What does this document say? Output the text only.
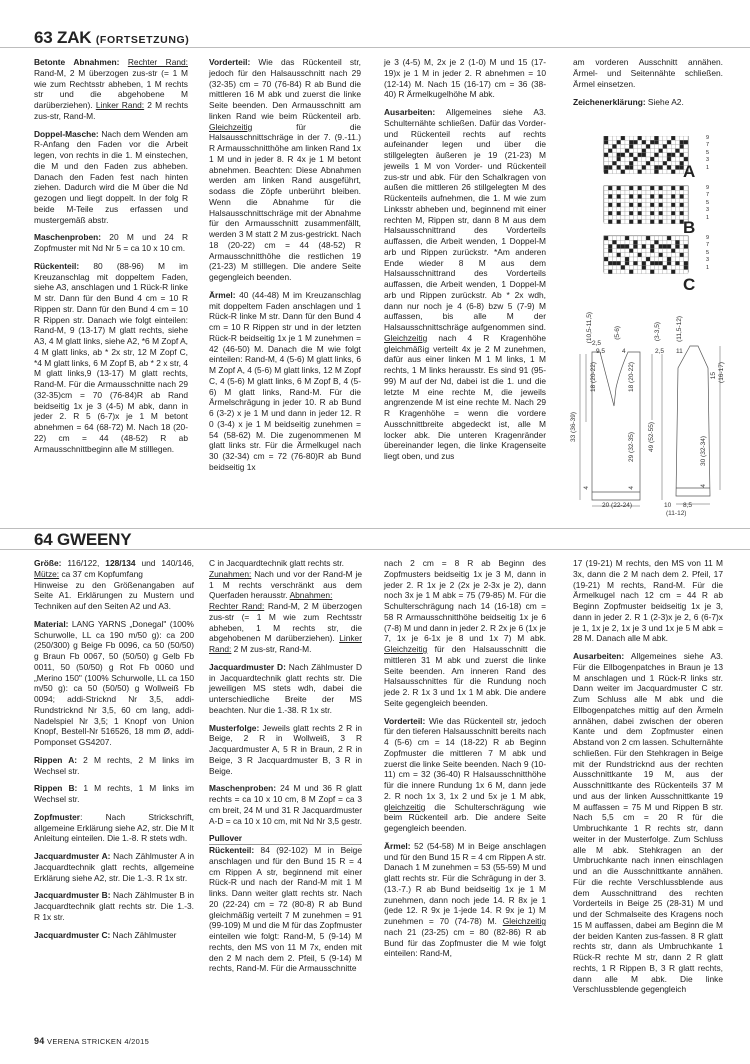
63 ZAK (FORTSETZUNG)

Betonte Abnahmen: Rechter Rand: Rand-M, 2 M überzogen zus-str (= 1 M wie zum Rechtsstr abheben, 1 M rechts str und die abgehobene M darüberziehen). Linker Rand: 2 M rechts zus-str, Rand-M.

Doppel-Masche: Nach dem Wenden am R-Anfang den Faden vor die Arbeit legen, von rechts in die 1. M einstechen, die M und den Faden zus abheben. Danach den Faden fest nach hinten ziehen. Dadurch wird die M über die Nd gezogen und liegt doppelt. In der folg R beide M-Teile zus erfassen und mustergemäß abstr.

Maschenproben: 20 M und 24 R Zopfmuster mit Nd Nr 5 = ca 10 x 10 cm.

Rückenteil: 80 (88-96) M im Kreuzanschlag mit doppeltem Faden, siehe A3, anschlagen und 1 Rück-R linke M str. Dann für den Bund 4 cm = 10 R Rippen str. Dann für den Bund 4 cm = 10 R Rippen str. Danach wie folgt einteilen: Rand-M, 9 (13-17) M glatt rechts, siehe A3, 4 M glatt links, siehe A2, *6 M Zopf A, 4 M glatt links, ab * 2x str, 12 M Zopf C, *4 M glatt links, 6 M Zopf B, ab * 2 x str, 4 M glatt links,9 (13-17) M glatt rechts, Rand-M. Für die Armausschnitte nach 29 (32-35)cm = 70 (76-84)R ab Rand beidseitig 1x je 3 (4-5) M abk, dann in jeder 2. R 5 (6-7)x je 1 M betont abnehmen = 64 (68-72) M. Nach 18 (20-22) cm = 44 (48-52) R ab Armausschnittbeginn alle M stilllegen.

Vorderteil: Wie das Rückenteil str, jedoch für den Halsausschnitt nach 29 (32-35) cm = 70 (76-84) R ab Bund die mittleren 16 M abk und zuerst die linke Seite beenden. Den Armausschnitt am linken Rand wie beim Rückenteil arb. Gleichzeitig für die Halsausschnittschräge in der 7. (9.-11.) R Armausschnitthöhe am linken Rand 1x 1 M und in jeder 8. R 4x je 1 M betont abnehmen. Beachten: Diese Abnahmen werden am linken Rand ausgeführt, sodass die Zöpfe unberührt bleiben. Wenn die Abnahme für die Halsausschnittschräge mit der Abnahme für den Armausschnitt zusammenfällt, werden 3 M statt 2 M zus-gestrickt. Nach 18 (20-22) cm = 44 (48-52) R Armausschnitthöhe die restlichen 19 (21-23) M stilllegen. Die andere Seite gegengleich beenden.

Ärmel: 40 (44-48) M im Kreuzanschlag mit doppeltem Faden anschlagen und 1 Rück-R linke M str. Dann für den Bund 4 cm = 10 R Rippen str und in der letzten Rück-R beidseitig 1x je 1 M zunehmen = 42 (46-50) M. Danach die M wie folgt einteilen: Rand-M, 4 (5-6) M glatt links, 6 M Zopf A, 4 (5-6) M glatt links, 12 M Zopf C, 4 (5-6) M glatt links, 6 M Zopf B, 4 (5-6) M glatt links, Rand-M. Für die Ärmelschrägung in jeder 10. R ab Bund 6 (3-2) x je 1 M und dann in jeder 12. R 0 (3-4) x je 1 M beidseitig zunehmen = 54 (58-62) M. Die zugenommenen M glatt links str. Für die Ärmelkugel nach 30 (32-34) cm = 72 (76-80)R ab Bund beidseitig 1x

je 3 (4-5) M, 2x je 2 (1-0) M und 15 (17-19)x je 1 M in jeder 2. R abnehmen = 10 (12-14) M. Nach 15 (16-17) cm = 36 (38-40) R Ärmelkugelhöhe M abk.

Ausarbeiten: Allgemeines siehe A3. Schulternähte schließen. Dafür das Vorder- und Rückenteil rechts auf rechts aufeinander legen und über die stillgelegten äußeren je 19 (21-23) M jeweils 1 M von Vorder- und Rückenteil zus-str und abk. Für den Schalkragen von außen die mittleren 26 stillgelegten M des Rückenteils aufnehmen, die 1. M wie zum Linksstr abheben und, beginnend mit einer rechten M, Rippen str, dann 8 M aus dem Halsausschnittrand des Vorderteils auffassen, die Arbeit wenden, 1 Doppel-M arb und Rippen zurückstr. *Am anderen Ende wieder 8 M aus dem Halsausschnittrand des Vorderteils auffassen, die Arbeit wenden, 1 Doppel-M arb und Rippen zurückstr. Ab * 2x wdh, dann nur noch je 4 (6-8) bzw 5 (7-9) M auffassen, bis alle M der Halsausschnittschräge aufgenommen sind. Gleichzeitig nach 4 R Kragenhöhe gleichmäßig verteilt 4x je 2 M zunehmen, dafür aus einer linken M 1 M links, 1 M rechts, 1 M links herausstr. Es sind 91 (95-99) M auf der Nd, dabei ist die 1. und die letzte M eine rechte M, die jeweils angrenzende M ist eine rechte M. Nach 29 R Kragenhöhe = wenn die vordere Ausschnittbreite abgedeckt ist, alle M locker abk. Die unteren Kragenränder übereinander legen, die linke Kragenseite liegt oben, und zus

am vorderen Ausschnitt annähen. Ärmel- und Seitennähte schließen. Ärmel einsetzen.

Zeichenerklärung: Siehe A2.

9
7
5
3
1
9
7
5
3
1
9
7
5
3
1
A
B
C
(10,5-11,5)
2,5
(5-6)
9,5	4
(3-3,5)
2,5 11
(11,5-12)
18 (20-22)	18 (20-22)	15 (16-17)
33 (36-39)
29 (32-35) 49 (52-55)	30 (32-34)
4	4
4
20 (22-24)	10 8,5
(11-12)
64 GWEENY

Größe: 116/122, 128/134 und 140/146, Mütze: ca 37 cm Kopfumfang
Hinweise zu den Größenangaben auf Seite A1. Erklärungen zu Mustern und Techniken auf den Seiten A2 und A3.

Material: LANG YARNS „Donegal" (100% Schurwolle, LL ca 190 m/50 g): ca 200 (250/300) g Beige Fb 0096, ca 50 (50/50) g Braun Fb 0067, 50 (50/50) g Gelb Fb 0011, 50 (50/50) g Rot Fb 0060 und „Merino 150" (100% Schurwolle, LL ca 150 m/50 g): ca 50 (50/50) g Wollweiß Fb 0094; addi-Stricknd Nr 3,5, addi-Rundstricknd Nr 3,5, 60 cm lang, addi-Nadelspiel Nr 3,5; 1 Knopf von Union Knopf, Bestell-Nr 516526, 18 mm Ø, addi-Pomponset GS4207.

Rippen A: 2 M rechts, 2 M links im Wechsel str.

Rippen B: 1 M rechts, 1 M links im Wechsel str.

Zopfmuster: Nach Strickschrift, allgemeine Erklärung siehe A2, str. Die M lt Anleitung einteilen. Die 1.-8. R stets wdh.

Jacquardmuster A: Nach Zählmuster A in Jacquardtechnik glatt rechts, allgemeine Erklärung siehe A2, str. Die 1.-3. R 1x str.

Jacquardmuster B: Nach Zählmuster B in Jacquardtechnik glatt rechts str. Die 1.-3. R 1x str.

Jacquardmuster C: Nach Zählmuster

C in Jacquardtechnik glatt rechts str.
Zunahmen: Nach und vor der Rand-M je 1 M rechts verschränkt aus dem Querfaden herausstr. Abnahmen:
Rechter Rand: Rand-M, 2 M überzogen zus-str (= 1 M wie zum Rechtsstr abheben, 1 M rechts str, die abgehobenen M darüberziehen). Linker Rand: 2 M zus-str, Rand-M.

Jacquardmuster D: Nach Zählmuster D in Jacquardtechnik glatt rechts str. Die jeweiligen MS stets wdh, dabei die unterschiedliche Breite der MS beachten. Nur die 1.-38. R 1x str.

Musterfolge: Jeweils glatt rechts 2 R in Beige, 2 R in Wollweiß, 3 R Jacquardmuster A, 5 R in Braun, 2 R in Beige, 3 R Jacquardmuster B, 3 R in Beige.

Maschenproben: 24 M und 36 R glatt rechts = ca 10 x 10 cm, 8 M Zopf = ca 3 cm breit, 24 M und 31 R Jacquardmuster A-D = ca 10 x 10 cm, mit Nd Nr 3,5 gestr.

Pullover

Rückenteil: 84 (92-102) M in Beige anschlagen und für den Bund 15 R = 4 cm Rippen A str, beginnend mit einer Rück-R und nach der Rand-M mit 1 M links. Dann weiter glatt rechts str. Nach 20 (22-24) cm = 72 (80-8) R ab Bund gleichmäßig verteilt 7 M zunehmen = 91 (99-109) M und die M für das Zopfmuster einteilen wie folgt: Rand-M, 5 (9-14) M rechts, den MS von 11 M 7x, enden mit den 2 M nach dem 2. Pfeil, 5 (9-14) M rechts, Rand-M. Für die Armausschnitte

nach 2 cm = 8 R ab Beginn des Zopfmusters beidseitig 1x je 3 M, dann in jeder 2. R 1x je 2 (2x je 2-3x je 2), dann noch 3x je 1 M abk = 75 (79-85) M. Für die Schulterschrägung nach 14 (16-18) cm = 58 R Armausschnitthöhe beidseitig 1x je 6 (7-8) M und dann in jeder 2. R 2x je 6 (1x je 7, 1x je 6-1x je 8 und 1x 7) M abk. Gleichzeitig für den Halsausschnitt die mittleren 31 M abk und zuerst die linke Seite beenden. Am inneren Rand des Halsausschnittes für die Rundung noch jede 2. R 1x 3 und 1x 1 M abk. Die andere Seite gegengleich beenden.

Vorderteil: Wie das Rückenteil str, jedoch für den tieferen Halsausschnitt bereits nach 4 (5-6) cm = 14 (18-22) R ab Beginn Zopfmuster die mittleren 7 M abk und zuerst die linke Seite beenden. Nach 9 (10-11) cm = 32 (36-40) R Halsausschnitthöhe für die innere Rundung 1x 6 M, dann jede 2. R noch 1x 3, 1x 2 und 5x je 1 M abk, gleichzeitig die Schulterschrägung wie beim Rückenteil arb. Die andere Seite gegengleich beenden.

Ärmel: 52 (54-58) M in Beige anschlagen und für den Bund 15 R = 4 cm Rippen A str. Danach 1 M zunehmen = 53 (55-59) M und glatt rechts str. Für die Schrägung in der 3. (13.-7.) R ab Bund beidseitig 1x je 1 M zunehmen, dann noch jede 14. R 8x je 1 (jede 12. R 9x je 1-jede 14. R 9x je 1) M zunehmen = 70 (74-78) M. Gleichzeitig nach 21 (23-25) cm = 80 (82-86) R ab Bund für das Zopfmuster die M wie folgt einteilen: Rand-M,

17 (19-21) M rechts, den MS von 11 M 3x, dann die 2 M nach dem 2. Pfeil, 17 (19-21) M rechts, Rand-M. Für die Ärmelkugel nach 12 cm = 44 R ab Beginn Zopfmuster beidseitig 1x je 3, dann in jeder 2. R 1 (2-3)x je 2, 6 (6-7)x je 1, 1x je 2, 1x je 3 und 1x je 5 M abk = 28 M. Danach alle M abk.

Ausarbeiten: Allgemeines siehe A3. Für die Ellbogenpatches in Braun je 13 M anschlagen und 1 Rück-R links str. Dann weiter im Jacquardmuster C str. Zum Schluss alle M abk und die Ellbogenpatches mittig auf den Ärmeln annähen, dabei zwischen der oberen Kante und dem Zopfmuster einen Abstand von 2 cm lassen. Schulternähte schließen. Für den Stehkragen in Beige mit der Rundstricknd aus der rechten Ausschnittkante 19 M, aus der Ausschnittkante des Rückenteils 37 M und aus der linken Ausschnittkante 19 M auffassen = 75 M und Rippen B str. Nach 5,5 cm = 20 R für die Umbruchkante 1 R rechts str, dann weiter in der Musterfolge. Zum Schluss alle M abk. Stehkragen an der Umbruchkante nach innen einschlagen und an die Ausschnittkante annähen. Für die rechte Verschlussblende aus dem Ausschnittrand des rechten Vorderteils in Beige 25 (28-31) M und und der Schmalseite des Kragens noch 15 M auffassen, dabei am Beginn die M der beiden Kanten zus-fassen. 8 R glatt rechts str, dann als Umbruchkante 1 Rück-R rechte M str, dann 2 R glatt rechts, 1 R Rippen B, 3 R glatt rechts, dann alle M abk. Die linke Verschlussblende gegengleich

94 VERENA STRICKEN 4/2015
